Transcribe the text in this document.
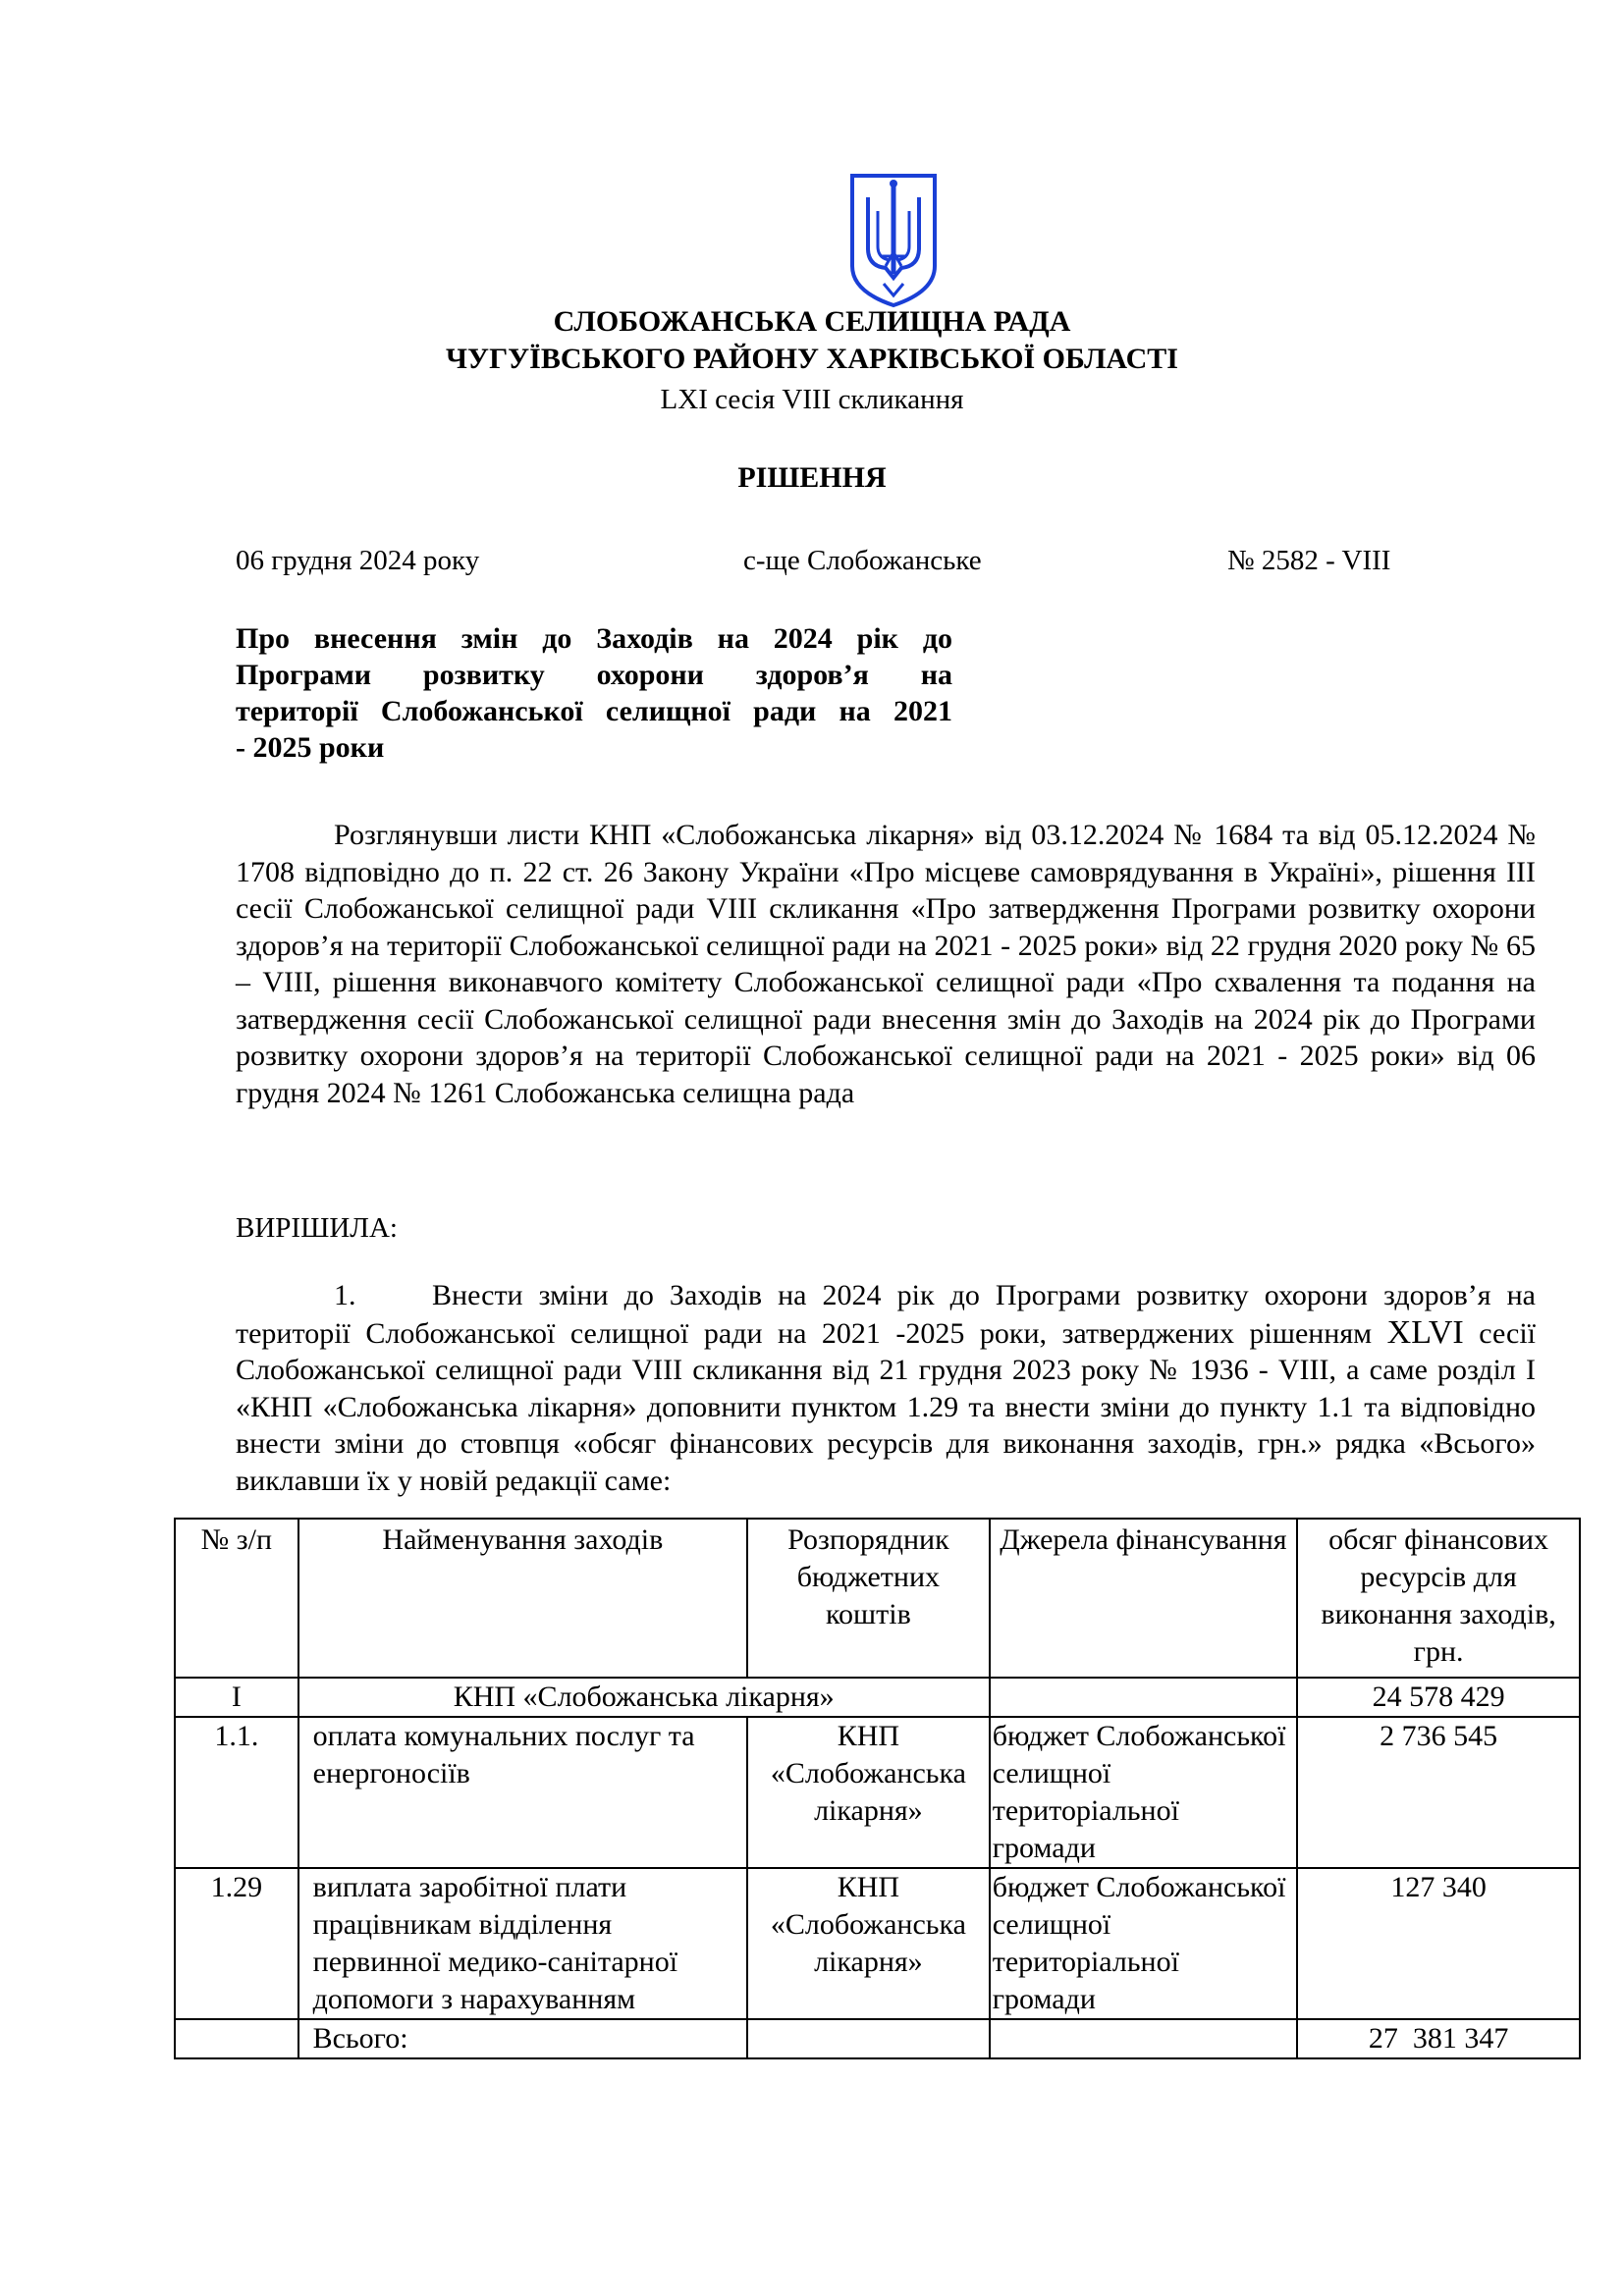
СЛОБОЖАНСЬКА СЕЛИЩНА РАДА
ЧУГУЇВСЬКОГО РАЙОНУ ХАРКІВСЬКОЇ ОБЛАСТІ
LXI сесія VIII скликання
РІШЕННЯ
06 грудня 2024 року	с-ще Слобожанське	№ 2582 - VIII

Про внесення змін до Заходів на 2024 рік до

Програми розвитку охорони здоров’я на

території Слобожанської селищної ради на 2021

- 2025 роки

Розглянувши листи КНП «Слобожанська лікарня» від 03.12.2024 № 1684 та від 05.12.2024 № 1708 відповідно до п. 22 ст. 26 Закону України «Про місцеве самоврядування в Україні», рішення III сесії Слобожанської селищної ради VIII скликання «Про затвердження Програми розвитку охорони здоров’я на території Слобожанської селищної ради на 2021 - 2025 роки» від 22 грудня 2020 року № 65 – VIII, рішення виконавчого комітету Слобожанської селищної ради «Про схвалення та подання на затвердження сесії Слобожанської селищної ради внесення змін до Заходів на 2024 рік до Програми розвитку охорони здоров’я на території Слобожанської селищної ради на 2021 - 2025 роки» від 06 грудня 2024 № 1261 Слобожанська селищна рада

ВИРІШИЛА:

1.	Внести зміни до Заходів на 2024 рік до Програми розвитку охорони здоров’я на території Слобожанської селищної ради на 2021 -2025 роки, затверджених рішенням XLVI сесії Слобожанської селищної ради VIII скликання від 21 грудня 2023 року № 1936 - VIII, а саме розділ І «КНП «Слобожанська лікарня» доповнити пунктом 1.29 та внести зміни до пункту 1.1 та відповідно внести зміни до стовпця «обсяг фінансових ресурсів для виконання заходів, грн.» рядка «Всього» виклавши їх у новій редакції саме:

№ з/п	Найменування заходів	Розпорядник бюджетних коштів	Джерела фінансування	обсяг фінансових ресурсів для виконання заходів, грн.
І	КНП «Слобожанська лікарня»			24 578 429
1.1.	оплата комунальних послуг та енергоносіїв	КНП «Слобожанська лікарня»	бюджет Слобожанської селищної територіальної громади	2 736 545
1.29	виплата заробітної плати працівникам відділення первинної медико-санітарної допомоги з нарахуванням	КНП «Слобожанська лікарня»	бюджет Слобожанської селищної територіальної громади	127 340
	Всього:			27  381 347
